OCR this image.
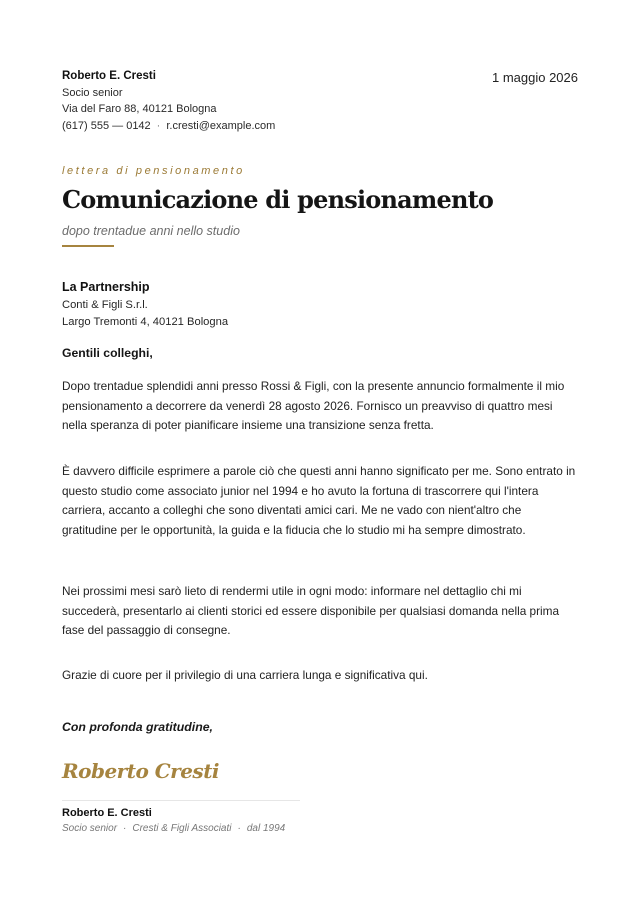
Roberto E. Cresti
Socio senior
Via del Faro 88, 40121 Bologna
(617) 555 — 0142 · r.cresti@example.com
1 maggio 2026
lettera di pensionamento
Comunicazione di pensionamento
dopo trentadue anni nello studio
La Partnership
Conti & Figli S.r.l.
Largo Tremonti 4, 40121 Bologna
Gentili colleghi,
Dopo trentadue splendidi anni presso Rossi & Figli, con la presente annuncio formalmente il mio pensionamento a decorrere da venerdì 28 agosto 2026. Fornisco un preavviso di quattro mesi nella speranza di poter pianificare insieme una transizione senza fretta.
È davvero difficile esprimere a parole ciò che questi anni hanno significato per me. Sono entrato in questo studio come associato junior nel 1994 e ho avuto la fortuna di trascorrere qui l'intera carriera, accanto a colleghi che sono diventati amici cari. Me ne vado con nient'altro che gratitudine per le opportunità, la guida e la fiducia che lo studio mi ha sempre dimostrato.
Nei prossimi mesi sarò lieto di rendermi utile in ogni modo: informare nel dettaglio chi mi succederà, presentarlo ai clienti storici ed essere disponibile per qualsiasi domanda nella prima fase del passaggio di consegne.
Grazie di cuore per il privilegio di una carriera lunga e significativa qui.
Con profonda gratitudine,
Roberto Cresti
Roberto E. Cresti
Socio senior · Cresti & Figli Associati · dal 1994
